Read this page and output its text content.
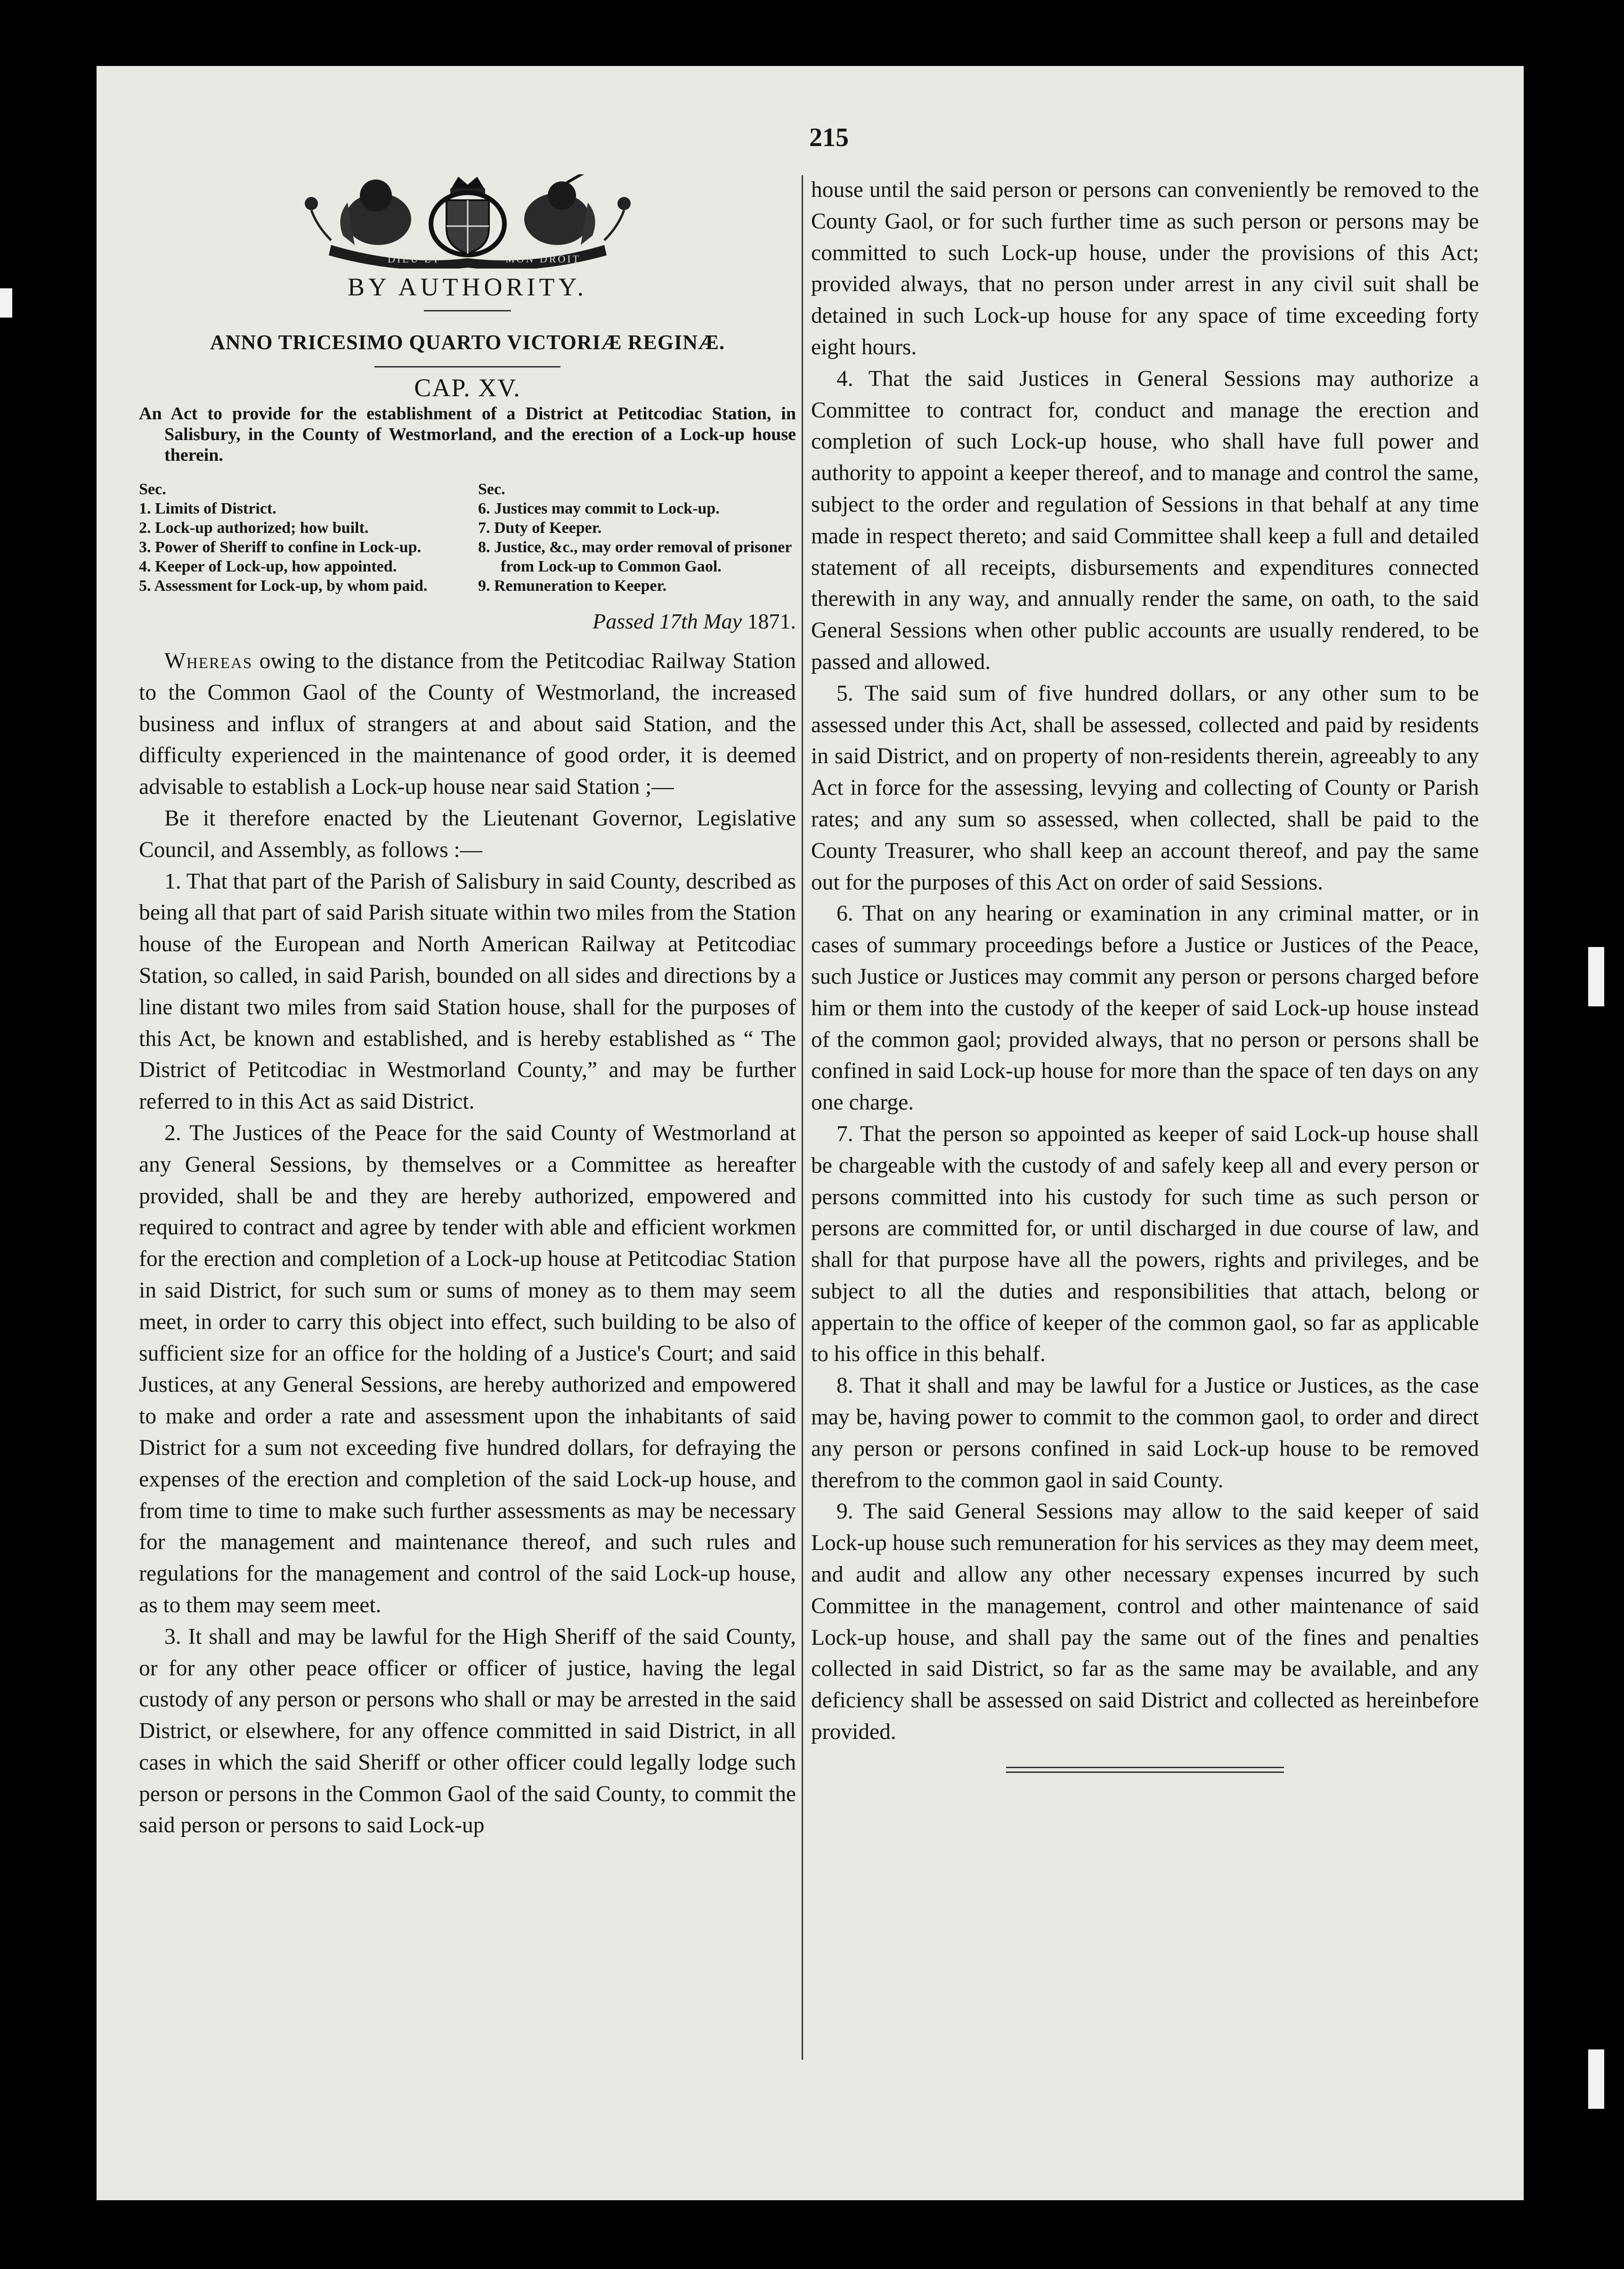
215
DIEU ET	MON DROIT
BY AUTHORITY.
ANNO TRICESIMO QUARTO VICTORIÆ REGINÆ.
CAP. XV.

An Act to provide for the establishment of a District at Petitcodiac Station, in Salisbury, in the County of Westmorland, and the erection of a Lock-up house therein.

Sec.
1. Limits of District.
2. Lock-up authorized; how built.
3. Power of Sheriff to confine in Lock-up.
4. Keeper of Lock-up, how appointed.
5. Assessment for Lock-up, by whom paid.
Sec.
6. Justices may commit to Lock-up.
7. Duty of Keeper.
8. Justice, &c., may order removal of prisoner from Lock-up to Common Gaol.
9. Remuneration to Keeper.
Passed 17th May 1871.

Whereas owing to the distance from the Petitcodiac Railway Station to the Common Gaol of the County of Westmorland, the increased business and influx of strangers at and about said Station, and the difficulty experienced in the maintenance of good order, it is deemed advisable to establish a Lock-up house near said Station ;—

Be it therefore enacted by the Lieutenant Governor, Legislative Council, and Assembly, as follows :—

1. That that part of the Parish of Salisbury in said County, described as being all that part of said Parish situate within two miles from the Station house of the European and North American Railway at Petitcodiac Station, so called, in said Parish, bounded on all sides and directions by a line distant two miles from said Station house, shall for the purposes of this Act, be known and established, and is hereby established as “ The District of Petitcodiac in Westmorland County,” and may be further referred to in this Act as said District.

2. The Justices of the Peace for the said County of Westmorland at any General Sessions, by themselves or a Committee as hereafter provided, shall be and they are hereby authorized, empowered and required to contract and agree by tender with able and efficient workmen for the erection and completion of a Lock-up house at Petitcodiac Station in said District, for such sum or sums of money as to them may seem meet, in order to carry this object into effect, such building to be also of sufficient size for an office for the holding of a Justice's Court; and said Justices, at any General Sessions, are hereby authorized and empowered to make and order a rate and assessment upon the inhabitants of said District for a sum not exceeding five hundred dollars, for defraying the expenses of the erection and completion of the said Lock-up house, and from time to time to make such further assessments as may be necessary for the management and maintenance thereof, and such rules and regulations for the management and control of the said Lock-up house, as to them may seem meet.

3. It shall and may be lawful for the High Sheriff of the said County, or for any other peace officer or officer of justice, having the legal custody of any person or persons who shall or may be arrested in the said District, or elsewhere, for any offence committed in said District, in all cases in which the said Sheriff or other officer could legally lodge such person or persons in the Common Gaol of the said County, to commit the said person or persons to said Lock-up

house until the said person or persons can conveniently be removed to the County Gaol, or for such further time as such person or persons may be committed to such Lock-up house, under the provisions of this Act; provided always, that no person under arrest in any civil suit shall be detained in such Lock-up house for any space of time exceeding forty eight hours.

4. That the said Justices in General Sessions may authorize a Committee to contract for, conduct and manage the erection and completion of such Lock-up house, who shall have full power and authority to appoint a keeper thereof, and to manage and control the same, subject to the order and regulation of Sessions in that behalf at any time made in respect thereto; and said Committee shall keep a full and detailed statement of all receipts, disbursements and expenditures connected therewith in any way, and annually render the same, on oath, to the said General Sessions when other public accounts are usually rendered, to be passed and allowed.

5. The said sum of five hundred dollars, or any other sum to be assessed under this Act, shall be assessed, collected and paid by residents in said District, and on property of non-residents therein, agreeably to any Act in force for the assessing, levying and collecting of County or Parish rates; and any sum so assessed, when collected, shall be paid to the County Treasurer, who shall keep an account thereof, and pay the same out for the purposes of this Act on order of said Sessions.

6. That on any hearing or examination in any criminal matter, or in cases of summary proceedings before a Justice or Justices of the Peace, such Justice or Justices may commit any person or persons charged before him or them into the custody of the keeper of said Lock-up house instead of the common gaol; provided always, that no person or persons shall be confined in said Lock-up house for more than the space of ten days on any one charge.

7. That the person so appointed as keeper of said Lock-up house shall be chargeable with the custody of and safely keep all and every person or persons committed into his custody for such time as such person or persons are committed for, or until discharged in due course of law, and shall for that purpose have all the powers, rights and privileges, and be subject to all the duties and responsibilities that attach, belong or appertain to the office of keeper of the common gaol, so far as applicable to his office in this behalf.

8. That it shall and may be lawful for a Justice or Justices, as the case may be, having power to commit to the common gaol, to order and direct any person or persons confined in said Lock-up house to be removed therefrom to the common gaol in said County.

9. The said General Sessions may allow to the said keeper of said Lock-up house such remuneration for his services as they may deem meet, and audit and allow any other necessary expenses incurred by such Committee in the management, control and other maintenance of said Lock-up house, and shall pay the same out of the fines and penalties collected in said District, so far as the same may be available, and any deficiency shall be assessed on said District and collected as hereinbefore provided.
